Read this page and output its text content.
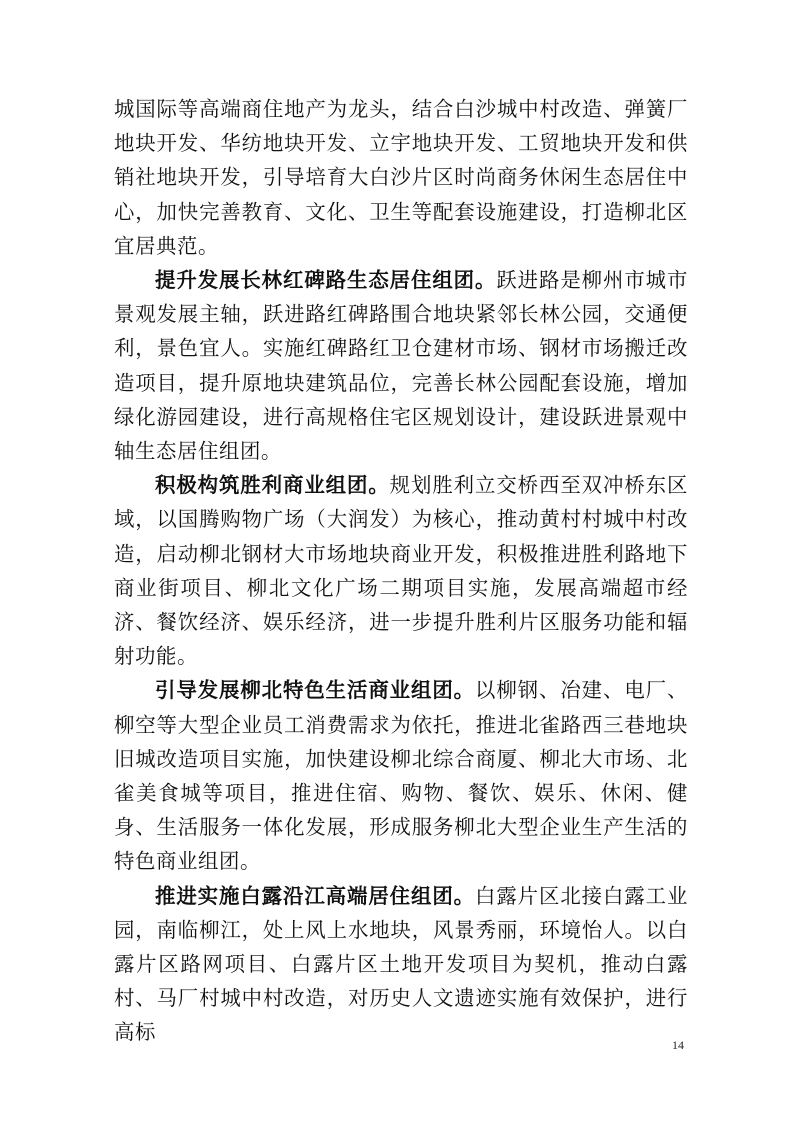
城国际等高端商住地产为龙头，结合白沙城中村改造、弹簧厂地块开发、华纺地块开发、立宇地块开发、工贸地块开发和供销社地块开发，引导培育大白沙片区时尚商务休闲生态居住中心，加快完善教育、文化、卫生等配套设施建设，打造柳北区宜居典范。

提升发展长林红碑路生态居住组团。跃进路是柳州市城市景观发展主轴，跃进路红碑路围合地块紧邻长林公园，交通便利，景色宜人。实施红碑路红卫仓建材市场、钢材市场搬迁改造项目，提升原地块建筑品位，完善长林公园配套设施，增加绿化游园建设，进行高规格住宅区规划设计，建设跃进景观中轴生态居住组团。

积极构筑胜利商业组团。规划胜利立交桥西至双冲桥东区域，以国腾购物广场（大润发）为核心，推动黄村村城中村改造，启动柳北钢材大市场地块商业开发，积极推进胜利路地下商业街项目、柳北文化广场二期项目实施，发展高端超市经济、餐饮经济、娱乐经济，进一步提升胜利片区服务功能和辐射功能。

引导发展柳北特色生活商业组团。以柳钢、冶建、电厂、柳空等大型企业员工消费需求为依托，推进北雀路西三巷地块旧城改造项目实施，加快建设柳北综合商厦、柳北大市场、北雀美食城等项目，推进住宿、购物、餐饮、娱乐、休闲、健身、生活服务一体化发展，形成服务柳北大型企业生产生活的特色商业组团。

推进实施白露沿江高端居住组团。白露片区北接白露工业园，南临柳江，处上风上水地块，风景秀丽，环境怡人。以白露片区路网项目、白露片区土地开发项目为契机，推动白露村、马厂村城中村改造，对历史人文遗迹实施有效保护，进行高标

14
